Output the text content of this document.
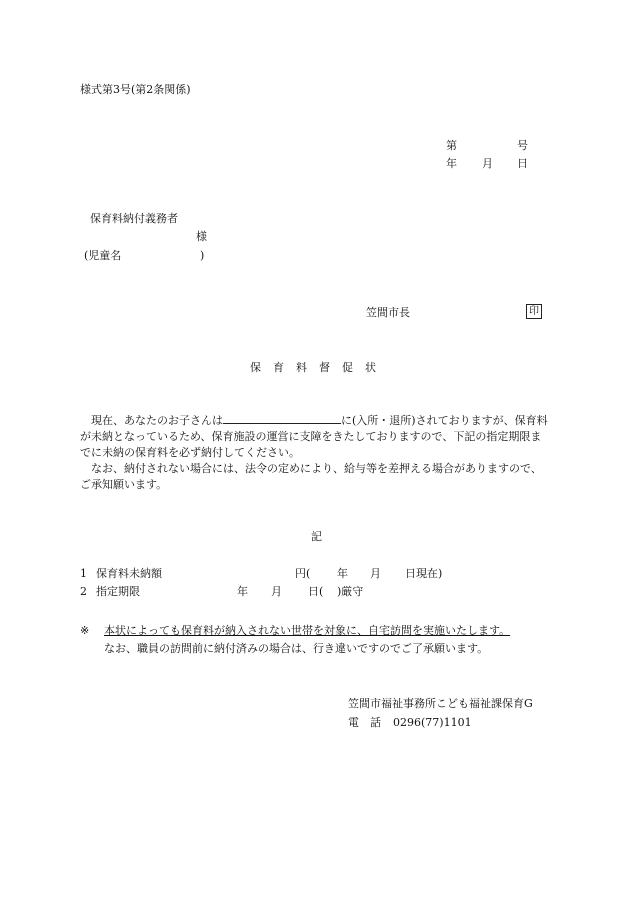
様式第3号(第2条関係)
第	号
年 月 日
保育料納付義務者
様
(児童名	)
笠間市長	印
保育料督促状

現在、あなたのお子さんは	に(入所・退所)されておりますが、保育料が未納となっているため、保育施設の運営に支障をきたしておりますので、下記の指定期限までに未納の保育料を必ず納付してください。

なお、納付されない場合には、法令の定めにより、給与等を差押える場合がありますので、ご承知願います。

記
1 保育料未納額	円( 年 月 日現在)
2 指定期限	年 月 日( )厳守
※ 本状によっても保育料が納入されない世帯を対象に、自宅訪問を実施いたします。
なお、職員の訪問前に納付済みの場合は、行き違いですのでご了承願います。
笠間市福祉事務所こども福祉課保育G
電　話 0296(77)1101
